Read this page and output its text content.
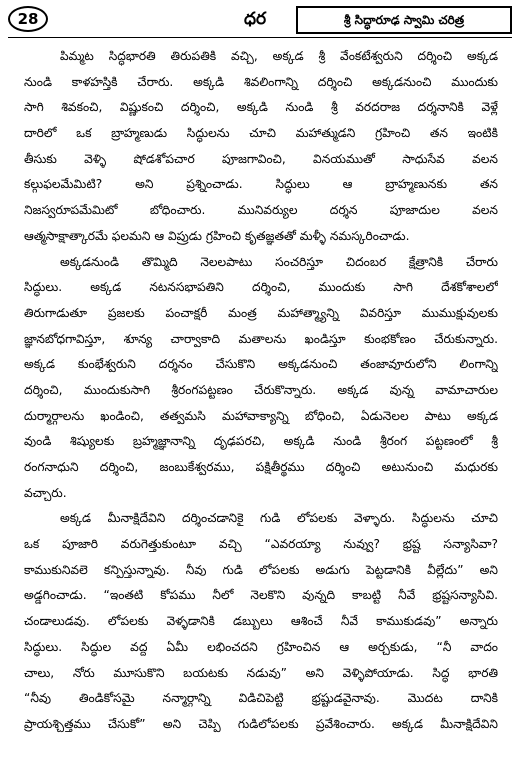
28	ధర	శ్రీ సిద్ధారూఢ స్వామి చరిత్ర
పిమ్మట సిద్ధభారతి తిరుపతికి వచ్చి, అక్కడ శ్రీ వేంకటేశ్వరుని దర్శించి అక్కడ
నుండి కాళహస్తికి చేరారు. అక్కడి శివలింగాన్ని దర్శించి అక్కడనుంచి ముందుకు
సాగి శివకంచి, విష్ణుకంచి దర్శించి, అక్కడి నుండి శ్రీ వరదరాజ దర్శనానికి వెళ్లే
దారిలో ఒక బ్రాహ్మణుడు సిద్ధులను చూచి మహాత్ముడని గ్రహించి తన ఇంటికి
తీసుకు వెళ్ళి షోడశోపచార పూజగావించి, వినయముతో సాధుసేవ వలన
కల్గుఫలమేమిటి? అని ప్రశ్నించాడు. సిద్ధులు ఆ బ్రాహ్మణునకు తన
నిజస్వరూపమేమిటో బోధించారు. మునివర్యుల దర్శన పూజాదుల వలన
ఆత్మసాక్షాత్కారమే ఫలమని ఆ విప్రుడు గ్రహించి కృతజ్ఞతతో మళ్ళీ నమస్కరించాడు.
అక్కడనుండి తొమ్మిది నెలలపాటు సంచరిస్తూ చిదంబర క్షేత్రానికి చేరారు
సిద్ధులు. అక్కడ నటనసభాపతిని దర్శించి, ముందుకు సాగి దేశకోశాలలో
తిరుగాడుతూ ప్రజలకు పంచాక్షరీ మంత్ర మహాత్మ్యాన్ని వివరిస్తూ ముముక్షువులకు
జ్ఞానబోధగావిస్తూ, శూన్య చార్వాకాది మతాలను ఖండిస్తూ కుంభకోణం చేరుకున్నారు.
అక్కడ కుంభేశ్వరుని దర్శనం చేసుకొని అక్కడనుంచి తంజావూరులోని లింగాన్ని
దర్శించి, ముందుకుసాగి శ్రీరంగపట్టణం చేరుకొన్నారు. అక్కడ వున్న వామాచారుల
దుర్మార్గాలను ఖండించి, తత్వమసి మహావాక్యాన్ని బోధించి, ఏడునెలల పాటు అక్కడ
వుండి శిష్యులకు బ్రహ్మజ్ఞానాన్ని దృఢపరచి, అక్కడి నుండి శ్రీరంగ పట్టణంలో శ్రీ
రంగనాధుని దర్శించి, జంబుకేశ్వరము, పక్షితీర్థము దర్శించి అటునుంచి మధురకు
వచ్చారు.
అక్కడ మీనాక్షిదేవిని దర్శించడానికై గుడి లోపలకు వెళ్ళారు. సిద్ధులను చూచి
ఒక పూజారి వరుగెత్తుకుంటూ వచ్చి “ఎవరయ్యా నువ్వు? భ్రష్ట సన్యాసివా?
కాముకునివలె కన్పిస్తున్నావు. నీవు గుడి లోపలకు అడుగు పెట్టడానికి వీల్లేదు” అని
అడ్డగించాడు. “ఇంతటి కోపము నీలో నెలకొని వున్నది కాబట్టి నీవే భ్రష్టసన్యాసివి.
చండాలుడవు. లోపలకు వెళ్ళడానికి డబ్బులు ఆశించే నీవే కాముకుడవు” అన్నారు
సిద్ధులు. సిద్ధుల వద్ద ఏమీ లభించదని గ్రహించిన ఆ అర్చకుడు, “నీ వాదం
చాలు, నోరు మూసుకొని బయటకు నడువు” అని వెళ్ళిపోయాడు. సిద్ధ భారతి
“నీవు తిండికోసమై నన్మార్గాన్ని విడిచిపెట్టి భ్రష్టుడవైనావు. మొదట దానికి
ప్రాయశ్చిత్తము చేసుకో” అని చెప్పి గుడిలోపలకు ప్రవేశించారు. అక్కడ మీనాక్షిదేవిని
